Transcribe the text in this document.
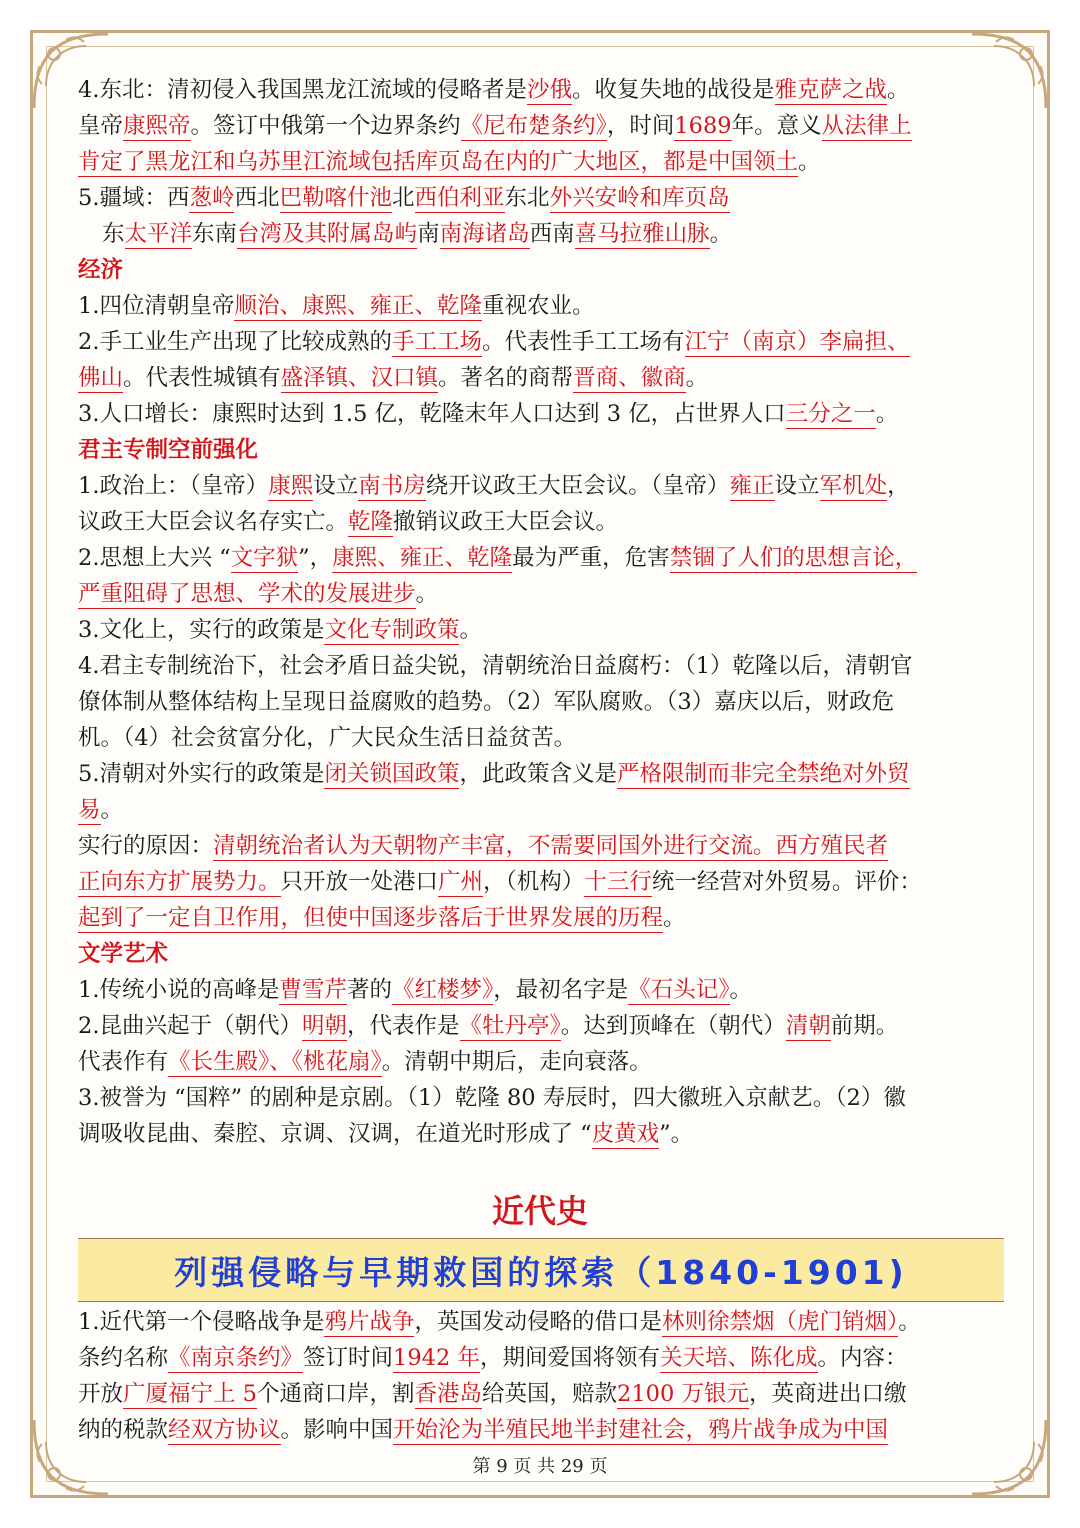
4.东北：清初侵入我国黑龙江流域的侵略者是沙俄。收复失地的战役是雅克萨之战。
皇帝康熙帝。签订中俄第一个边界条约《尼布楚条约》，时间1689年。意义从法律上
肯定了黑龙江和乌苏里江流域包括库页岛在内的广大地区，都是中国领土。
5.疆域：西葱岭西北巴勒喀什池北西伯利亚东北外兴安岭和库页岛
东太平洋东南台湾及其附属岛屿南南海诸岛西南喜马拉雅山脉。
经济
1.四位清朝皇帝顺治、康熙、雍正、乾隆重视农业。
2.手工业生产出现了比较成熟的手工工场。代表性手工工场有江宁（南京）李扁担、
佛山。代表性城镇有盛泽镇、汉口镇。著名的商帮晋商、徽商。
3.人口增长：康熙时达到 1.5 亿，乾隆末年人口达到 3 亿，占世界人口三分之一。
君主专制空前强化
1.政治上：（皇帝）康熙设立南书房绕开议政王大臣会议。（皇帝）雍正设立军机处，
议政王大臣会议名存实亡。乾隆撤销议政王大臣会议。
2.思想上大兴 “文字狱”，康熙、雍正、乾隆最为严重，危害禁锢了人们的思想言论，
严重阻碍了思想、学术的发展进步。
3.文化上，实行的政策是文化专制政策。
4.君主专制统治下，社会矛盾日益尖锐，清朝统治日益腐朽：（1）乾隆以后，清朝官
僚体制从整体结构上呈现日益腐败的趋势。（2）军队腐败。（3）嘉庆以后，财政危
机。（4）社会贫富分化，广大民众生活日益贫苦。
5.清朝对外实行的政策是闭关锁国政策，此政策含义是严格限制而非完全禁绝对外贸
易。
实行的原因：清朝统治者认为天朝物产丰富，不需要同国外进行交流。西方殖民者
正向东方扩展势力。只开放一处港口广州，（机构）十三行统一经营对外贸易。评价：
起到了一定自卫作用，但使中国逐步落后于世界发展的历程。
文学艺术
1.传统小说的高峰是曹雪芹著的《红楼梦》，最初名字是《石头记》。
2.昆曲兴起于（朝代）明朝，代表作是《牡丹亭》。达到顶峰在（朝代）清朝前期。
代表作有《长生殿》、《桃花扇》。清朝中期后，走向衰落。
3.被誉为 “国粹” 的剧种是京剧。（1）乾隆 80 寿辰时，四大徽班入京献艺。（2）徽
调吸收昆曲、秦腔、京调、汉调，在道光时形成了 “皮黄戏”。
近代史
列强侵略与早期救国的探索（1840-1901)
1.近代第一个侵略战争是鸦片战争，英国发动侵略的借口是林则徐禁烟（虎门销烟）。
条约名称《南京条约》签订时间1942 年，期间爱国将领有关天培、陈化成。内容：
开放广厦福宁上 5个通商口岸，割香港岛给英国，赔款2100 万银元，英商进出口缴
纳的税款经双方协议。影响中国开始沦为半殖民地半封建社会，鸦片战争成为中国
第 9 页 共 29 页
